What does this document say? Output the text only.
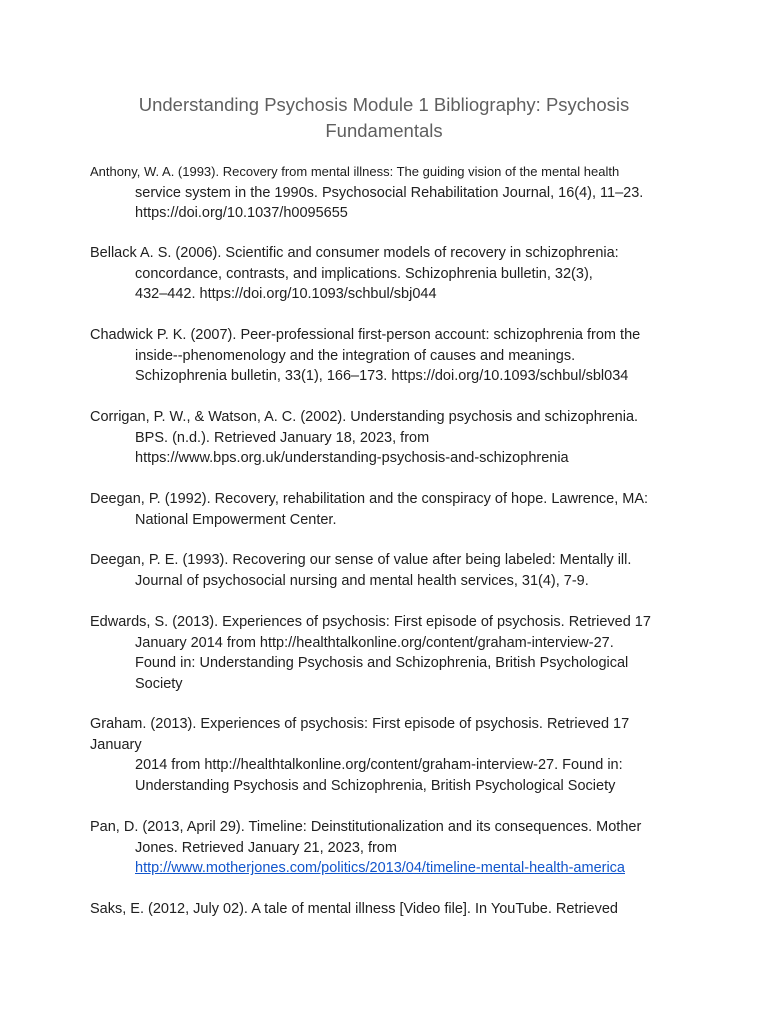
Understanding Psychosis Module 1 Bibliography: Psychosis Fundamentals
Anthony, W. A. (1993). Recovery from mental illness: The guiding vision of the mental health
service system in the 1990s. Psychosocial Rehabilitation Journal, 16(4), 11–23.
https://doi.org/10.1037/h0095655
Bellack A. S. (2006). Scientific and consumer models of recovery in schizophrenia:
concordance, contrasts, and implications. Schizophrenia bulletin, 32(3),
432–442. https://doi.org/10.1093/schbul/sbj044
Chadwick P. K. (2007). Peer-professional first-person account: schizophrenia from the
inside--phenomenology and the integration of causes and meanings.
Schizophrenia bulletin, 33(1), 166–173. https://doi.org/10.1093/schbul/sbl034
Corrigan, P. W., & Watson, A. C. (2002). Understanding psychosis and schizophrenia.
BPS. (n.d.). Retrieved January 18, 2023, from
https://www.bps.org.uk/understanding-psychosis-and-schizophrenia
Deegan, P. (1992). Recovery, rehabilitation and the conspiracy of hope. Lawrence, MA:
National Empowerment Center.
Deegan, P. E. (1993). Recovering our sense of value after being labeled: Mentally ill.
Journal of psychosocial nursing and mental health services, 31(4), 7-9.
Edwards, S. (2013). Experiences of psychosis: First episode of psychosis. Retrieved 17
January 2014 from http://healthtalkonline.org/content/graham-interview-27.
Found in: Understanding Psychosis and Schizophrenia, British Psychological
Society
Graham. (2013). Experiences of psychosis: First episode of psychosis. Retrieved 17
January
2014 from http://healthtalkonline.org/content/graham-interview-27. Found in:
Understanding Psychosis and Schizophrenia, British Psychological Society
Pan, D. (2013, April 29). Timeline: Deinstitutionalization and its consequences. Mother
Jones. Retrieved January 21, 2023, from
http://www.motherjones.com/politics/2013/04/timeline-mental-health-america
Saks, E. (2012, July 02). A tale of mental illness [Video file]. In YouTube. Retrieved
